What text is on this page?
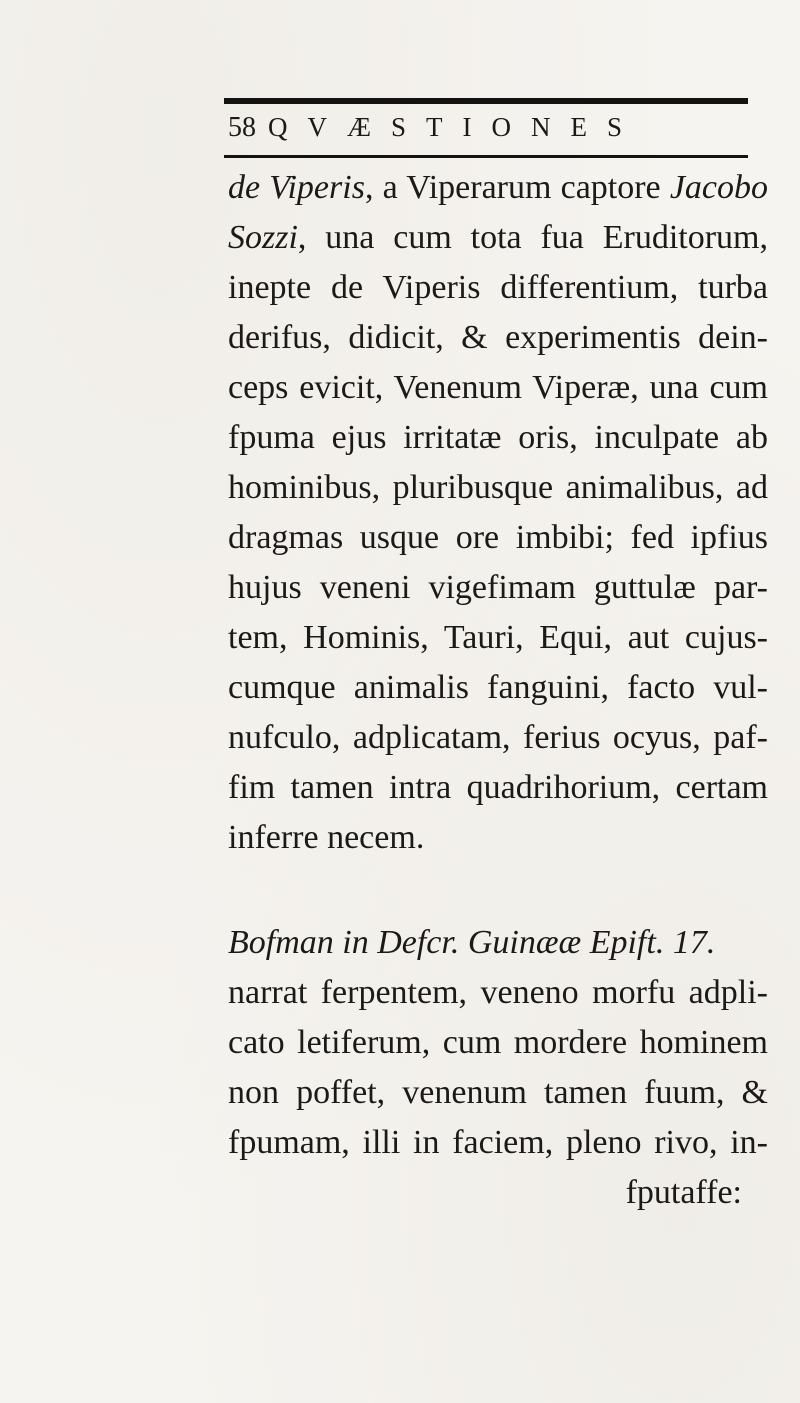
58 QVÆSTIONES
de Viperis, a Viperarum captore Jacobo
Sozzi, una cum tota fua Eruditorum,
inepte de Viperis differentium, turba
derifus, didicit, & experimentis dein-
ceps evicit, Venenum Viperæ, una cum
fpuma ejus irritatæ oris, inculpate ab
hominibus, pluribusque animalibus, ad
dragmas usque ore imbibi; fed ipfius
hujus veneni vigefimam guttulæ par-
tem, Hominis, Tauri, Equi, aut cujus-
cumque animalis fanguini, facto vul-
nufculo, adplicatam, ferius ocyus, paf-
fim tamen intra quadrihorium, certam
inferre necem.
Bofman in Defcr. Guinææ Epift. 17.
narrat ferpentem, veneno morfu adpli-
cato letiferum, cum mordere hominem
non poffet, venenum tamen fuum, &
fpumam, illi in faciem, pleno rivo, in-
fputaffe:
